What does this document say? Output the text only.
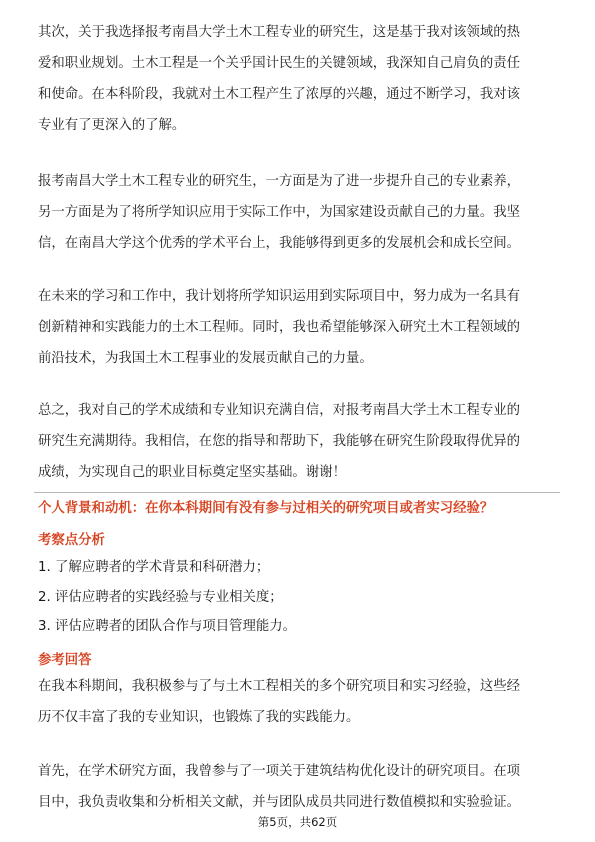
其次，关于我选择报考南昌大学土木工程专业的研究生，这是基于我对该领域的热
爱和职业规划。土木工程是一个关乎国计民生的关键领域，我深知自己肩负的责任
和使命。在本科阶段，我就对土木工程产生了浓厚的兴趣，通过不断学习，我对该
专业有了更深入的了解。
报考南昌大学土木工程专业的研究生，一方面是为了进一步提升自己的专业素养，
另一方面是为了将所学知识应用于实际工作中，为国家建设贡献自己的力量。我坚
信，在南昌大学这个优秀的学术平台上，我能够得到更多的发展机会和成长空间。
在未来的学习和工作中，我计划将所学知识运用到实际项目中，努力成为一名具有
创新精神和实践能力的土木工程师。同时，我也希望能够深入研究土木工程领域的
前沿技术，为我国土木工程事业的发展贡献自己的力量。
总之，我对自己的学术成绩和专业知识充满自信，对报考南昌大学土木工程专业的
研究生充满期待。我相信，在您的指导和帮助下，我能够在研究生阶段取得优异的
成绩，为实现自己的职业目标奠定坚实基础。谢谢！

个人背景和动机：在你本科期间有没有参与过相关的研究项目或者实习经验？

考察点分析

1. 了解应聘者的学术背景和科研潜力；
2. 评估应聘者的实践经验与专业相关度；
3. 评估应聘者的团队合作与项目管理能力。

参考回答

在我本科期间，我积极参与了与土木工程相关的多个研究项目和实习经验，这些经
历不仅丰富了我的专业知识，也锻炼了我的实践能力。
首先，在学术研究方面，我曾参与了一项关于建筑结构优化设计的研究项目。在项
目中，我负责收集和分析相关文献，并与团队成员共同进行数值模拟和实验验证。
第5页，共62页
